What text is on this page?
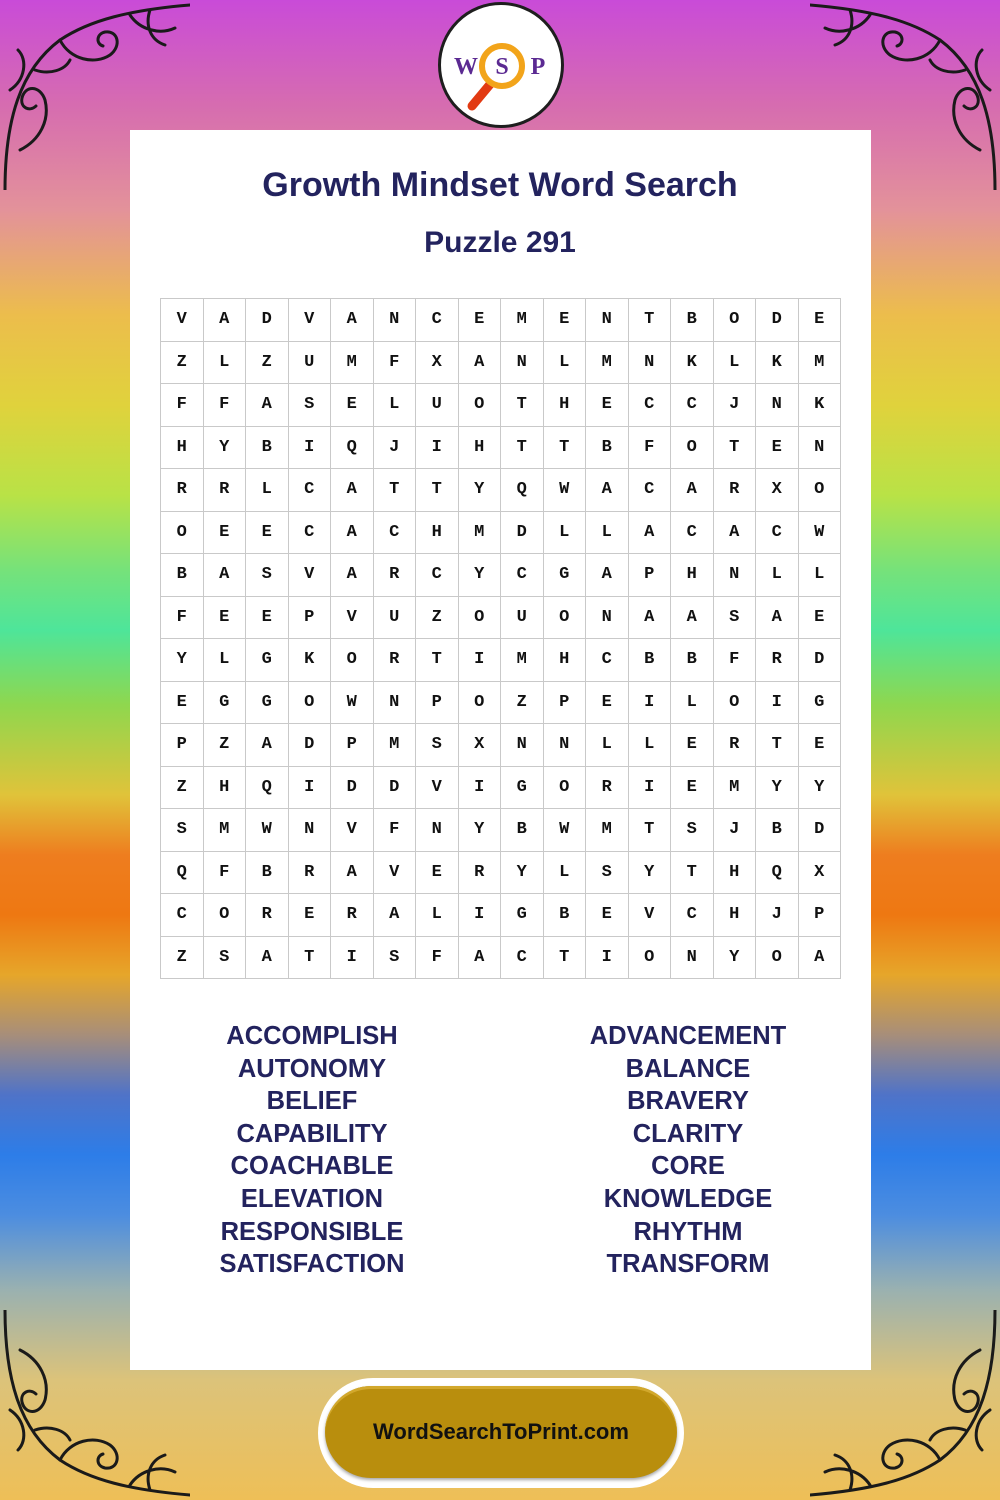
S
W P
Growth Mindset Word Search
Puzzle 291
V	A	D	V	A	N	C	E	M	E	N	T	B	O	D	E
Z	L	Z	U	M	F	X	A	N	L	M	N	K	L	K	M
F	F	A	S	E	L	U	O	T	H	E	C	C	J	N	K
H	Y	B	I	Q	J	I	H	T	T	B	F	O	T	E	N
R	R	L	C	A	T	T	Y	Q	W	A	C	A	R	X	O
O	E	E	C	A	C	H	M	D	L	L	A	C	A	C	W
B	A	S	V	A	R	C	Y	C	G	A	P	H	N	L	L
F	E	E	P	V	U	Z	O	U	O	N	A	A	S	A	E
Y	L	G	K	O	R	T	I	M	H	C	B	B	F	R	D
E	G	G	O	W	N	P	O	Z	P	E	I	L	O	I	G
P	Z	A	D	P	M	S	X	N	N	L	L	E	R	T	E
Z	H	Q	I	D	D	V	I	G	O	R	I	E	M	Y	Y
S	M	W	N	V	F	N	Y	B	W	M	T	S	J	B	D
Q	F	B	R	A	V	E	R	Y	L	S	Y	T	H	Q	X
C	O	R	E	R	A	L	I	G	B	E	V	C	H	J	P
Z	S	A	T	I	S	F	A	C	T	I	O	N	Y	O	A
ACCOMPLISH
AUTONOMY
BELIEF
CAPABILITY
COACHABLE
ELEVATION
RESPONSIBLE
SATISFACTION
ADVANCEMENT
BALANCE
BRAVERY
CLARITY
CORE
KNOWLEDGE
RHYTHM
TRANSFORM
WordSearchToPrint.com
